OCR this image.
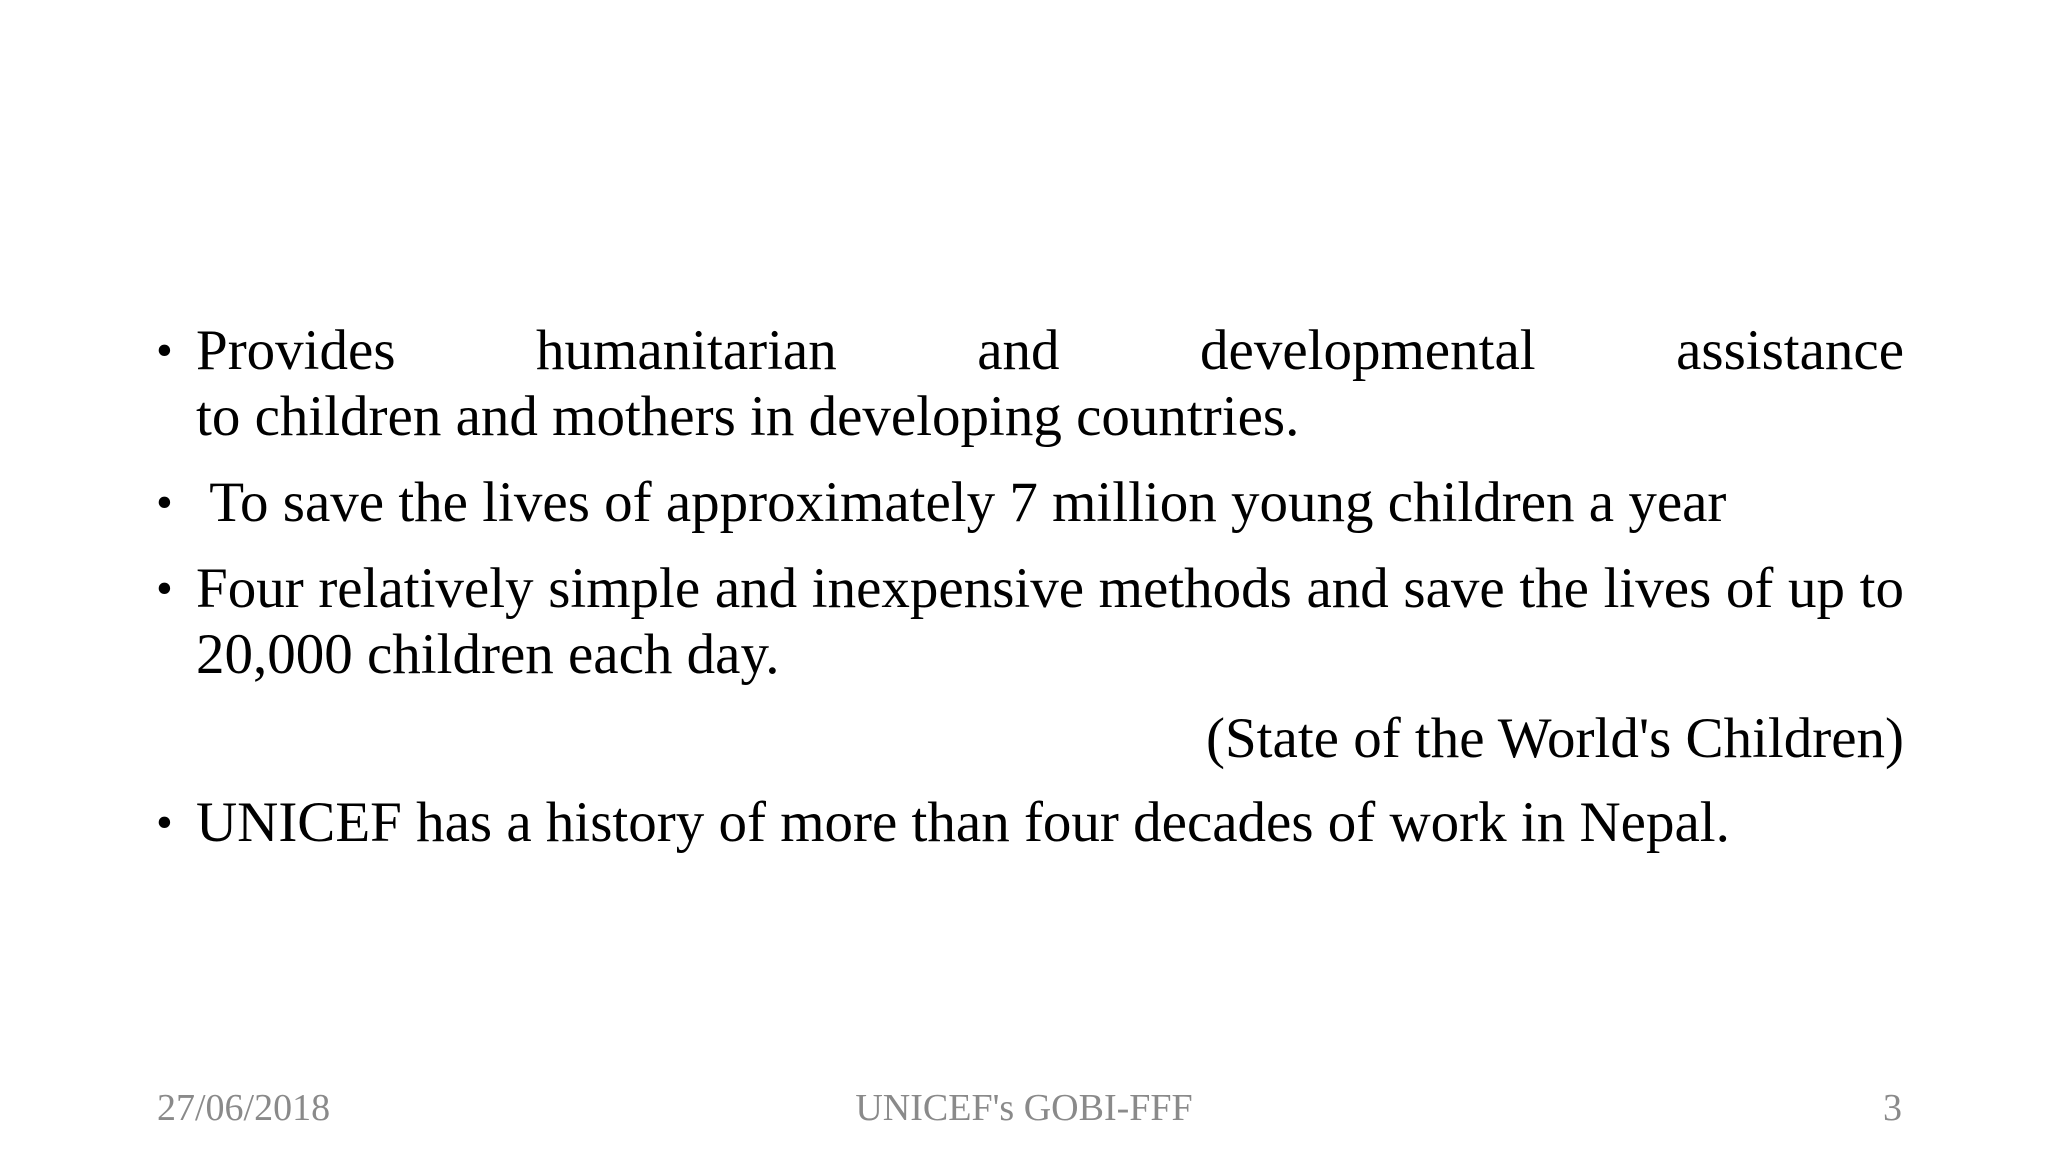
• Provides humanitarian and developmental assistance
to children and mothers in developing countries.
•  To save the lives of approximately 7 million young children a year
• Four relatively simple and inexpensive methods and save the lives of up to 20,000 children each day.
(State of the World's Children)
• UNICEF has a history of more than four decades of work in Nepal.
27/06/2018	UNICEF's GOBI-FFF	3
